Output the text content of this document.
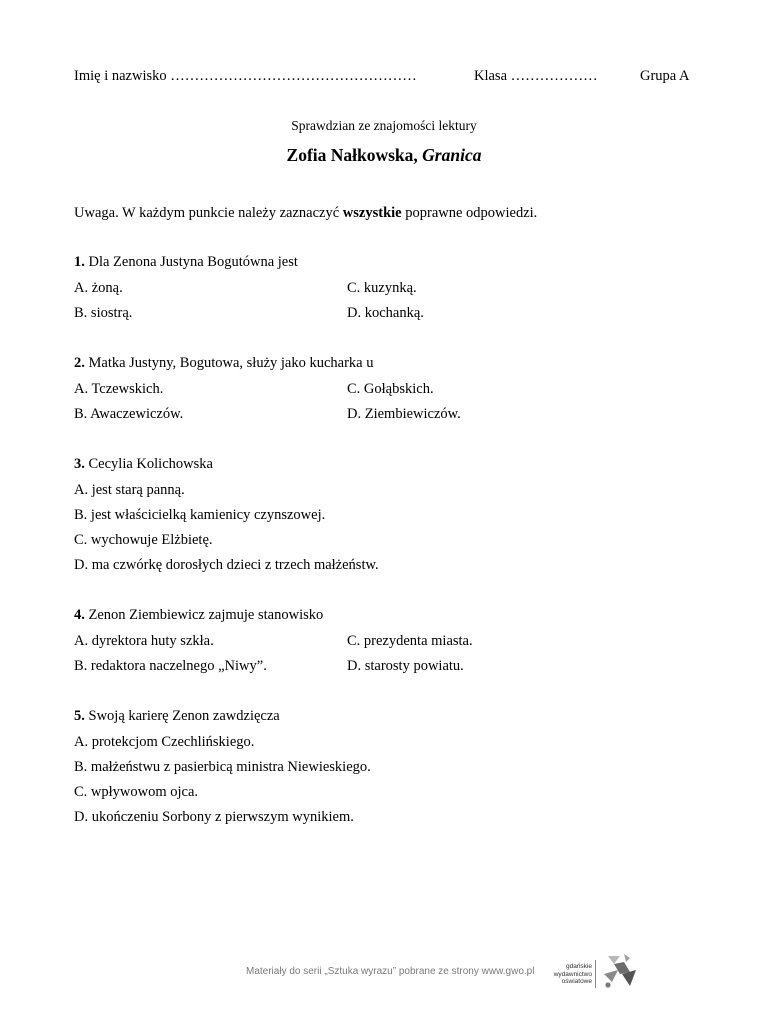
Imię i nazwisko ……………………………………………	Klasa ………………	Grupa A
Sprawdzian ze znajomości lektury
Zofia Nałkowska, Granica
Uwaga. W każdym punkcie należy zaznaczyć wszystkie poprawne odpowiedzi.
1. Dla Zenona Justyna Bogutówna jest
A. żoną.	C. kuzynką.
B. siostrą.	D. kochanką.
2. Matka Justyny, Bogutowa, służy jako kucharka u
A. Tczewskich.	C. Gołąbskich.
B. Awaczewiczów.	D. Ziembiewiczów.
3. Cecylia Kolichowska
A. jest starą panną.
B. jest właścicielką kamienicy czynszowej.
C. wychowuje Elżbietę.
D. ma czwórkę dorosłych dzieci z trzech małżeństw.
4. Zenon Ziembiewicz zajmuje stanowisko
A. dyrektora huty szkła.	C. prezydenta miasta.
B. redaktora naczelnego „Niwy”.	D. starosty powiatu.
5. Swoją karierę Zenon zawdzięcza
A. protekcjom Czechlińskiego.
B. małżeństwu z pasierbicą ministra Niewieskiego.
C. wpływowom ojca.
D. ukończeniu Sorbony z pierwszym wynikiem.
Materiały do serii „Sztuka wyrazu” pobrane ze strony www.gwo.pl	gdańskie
wydawnictwo
oświatowe
